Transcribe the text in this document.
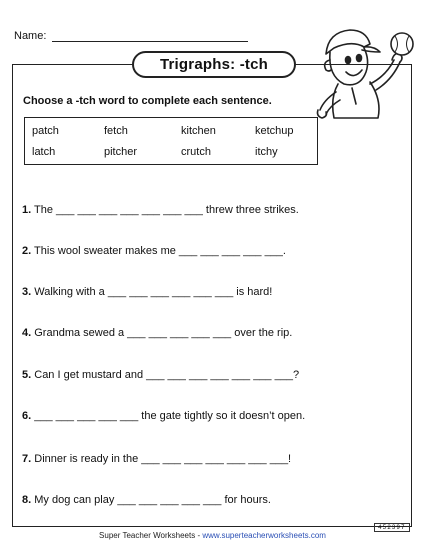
Name:
Trigraphs: -tch
Choose a -tch word to complete each sentence.
patch	fetch	kitchen	ketchup
latch	pitcher	crutch	itchy
1. The ___ ___ ___ ___ ___ ___ ___ threw three strikes.
2. This wool sweater makes me ___ ___ ___ ___ ___.
3. Walking with a ___ ___ ___ ___ ___ ___ is hard!
4. Grandma sewed a ___ ___ ___ ___ ___ over the rip.
5. Can I get mustard and ___ ___ ___ ___ ___ ___ ___?
6. ___ ___ ___ ___ ___ the gate tightly so it doesn’t open.
7. Dinner is ready in the ___ ___ ___ ___ ___ ___ ___!
8. My dog can play ___ ___ ___ ___ ___ for hours.
Super Teacher Worksheets - www.superteacherworksheets.com
452397
